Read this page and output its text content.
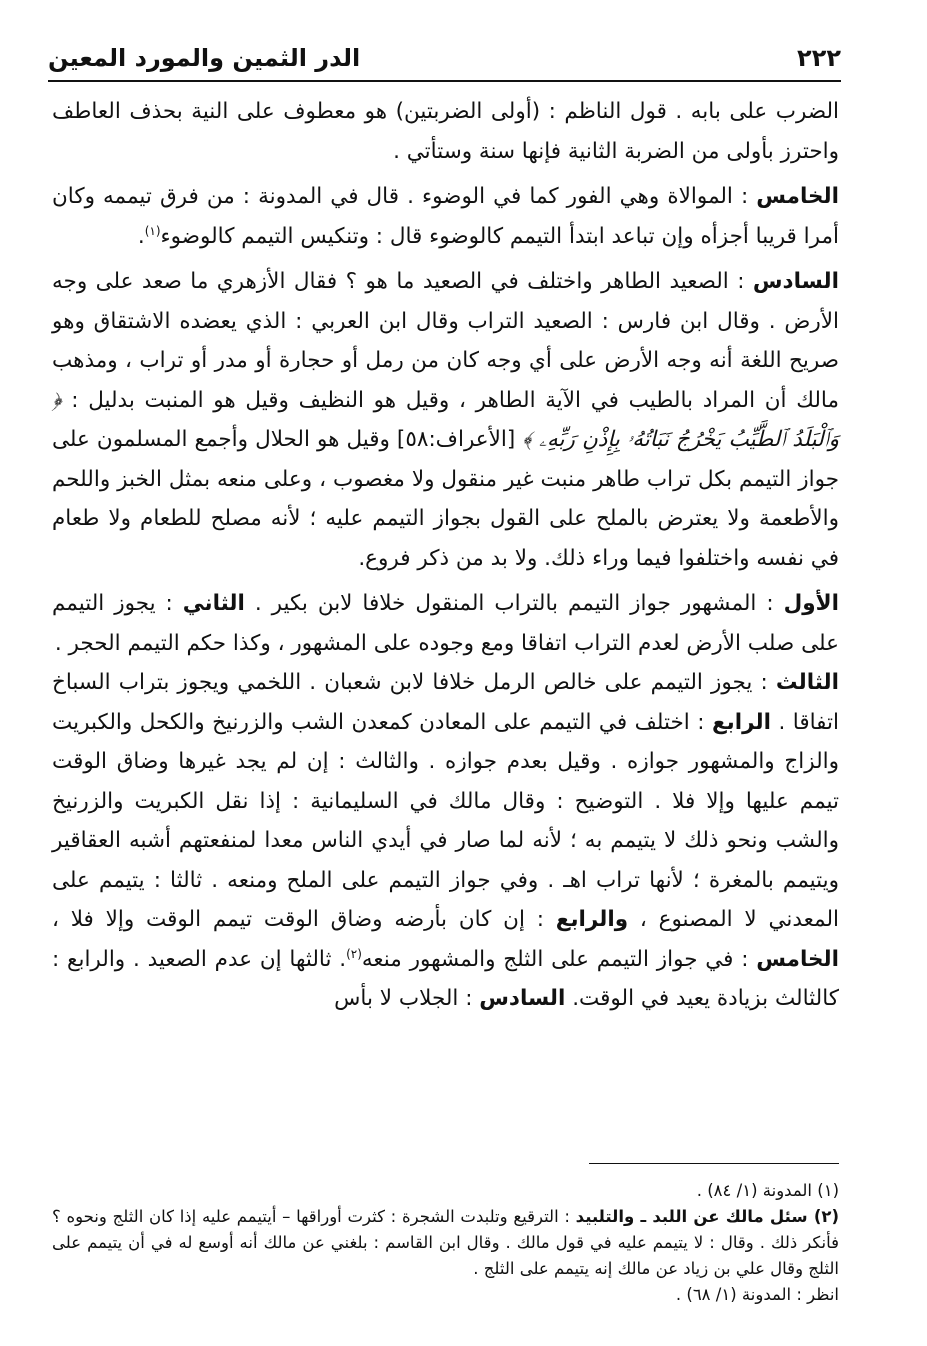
٢٢٢
الدر الثمين والمورد المعين

الضرب على بابه . قول الناظم : (أولى الضربتين) هو معطوف على النية بحذف العاطف واحترز بأولى من الضربة الثانية فإنها سنة وستأتي .

الخامس : الموالاة وهي الفور كما في الوضوء . قال في المدونة : من فرق تيممه وكان أمرا قريبا أجزأه وإن تباعد ابتدأ التيمم كالوضوء قال : وتنكيس التيمم كالوضوء$^{(١)}$.

السادس : الصعيد الطاهر واختلف في الصعيد ما هو ؟ فقال الأزهري ما صعد على وجه الأرض . وقال ابن فارس : الصعيد التراب وقال ابن العربي : الذي يعضده الاشتقاق وهو صريح اللغة أنه وجه الأرض على أي وجه كان من رمل أو حجارة أو مدر أو تراب ، ومذهب مالك أن المراد بالطيب في الآية الطاهر ، وقيل هو النظيف وقيل هو المنبت بدليل : ﴿ وَٱلْبَلَدُ ٱلطَّيِّبُ يَخْرُجُ نَبَاتُهُۥ بِإِذْنِ رَبِّهِۦ ﴾ [الأعراف:٥٨] وقيل هو الحلال وأجمع المسلمون على جواز التيمم بكل تراب طاهر منبت غير منقول ولا مغصوب ، وعلى منعه بمثل الخبز واللحم والأطعمة ولا يعترض بالملح على القول بجواز التيمم عليه ؛ لأنه مصلح للطعام ولا طعام في نفسه واختلفوا فيما وراء ذلك. ولا بد من ذكر فروع.

الأول : المشهور جواز التيمم بالتراب المنقول خلافا لابن بكير . الثاني : يجوز التيمم على صلب الأرض لعدم التراب اتفاقا ومع وجوده على المشهور ، وكذا حكم التيمم الحجر .
الثالث : يجوز التيمم على خالص الرمل خلافا لابن شعبان . اللخمي ويجوز بتراب السباخ اتفاقا . الرابع : اختلف في التيمم على المعادن كمعدن الشب والزرنيخ والكحل والكبريت والزاج والمشهور جوازه . وقيل بعدم جوازه . والثالث : إن لم يجد غيرها وضاق الوقت تيمم عليها وإلا فلا . التوضيح : وقال مالك في السليمانية : إذا نقل الكبريت والزرنيخ والشب ونحو ذلك لا يتيمم به ؛ لأنه لما صار في أيدي الناس معدا لمنفعتهم أشبه العقاقير ويتيمم بالمغرة ؛ لأنها تراب اهـ . وفي جواز التيمم على الملح ومنعه . ثالثا : يتيمم على المعدني لا المصنوع ، والرابع : إن كان بأرضه وضاق الوقت تيمم الوقت وإلا فلا ، الخامس : في جواز التيمم على الثلج والمشهور منعه$^{(٢)}$. ثالثها إن عدم الصعيد . والرابع : كالثالث بزيادة يعيد في الوقت. السادس : الجلاب لا بأس

(١) المدونة (١/ ٨٤) .

(٢) سئل مالك عن اللبد ـ والتلبيد : الترقيع وتلبدت الشجرة : كثرت أوراقها – أيتيمم عليه إذا كان الثلج ونحوه ؟ فأنكر ذلك . وقال : لا يتيمم عليه في قول مالك . وقال ابن القاسم : بلغني عن مالك أنه أوسع له في أن يتيمم على الثلج وقال علي بن زياد عن مالك إنه يتيمم على الثلج .

انظر : المدونة (١/ ٦٨) .
